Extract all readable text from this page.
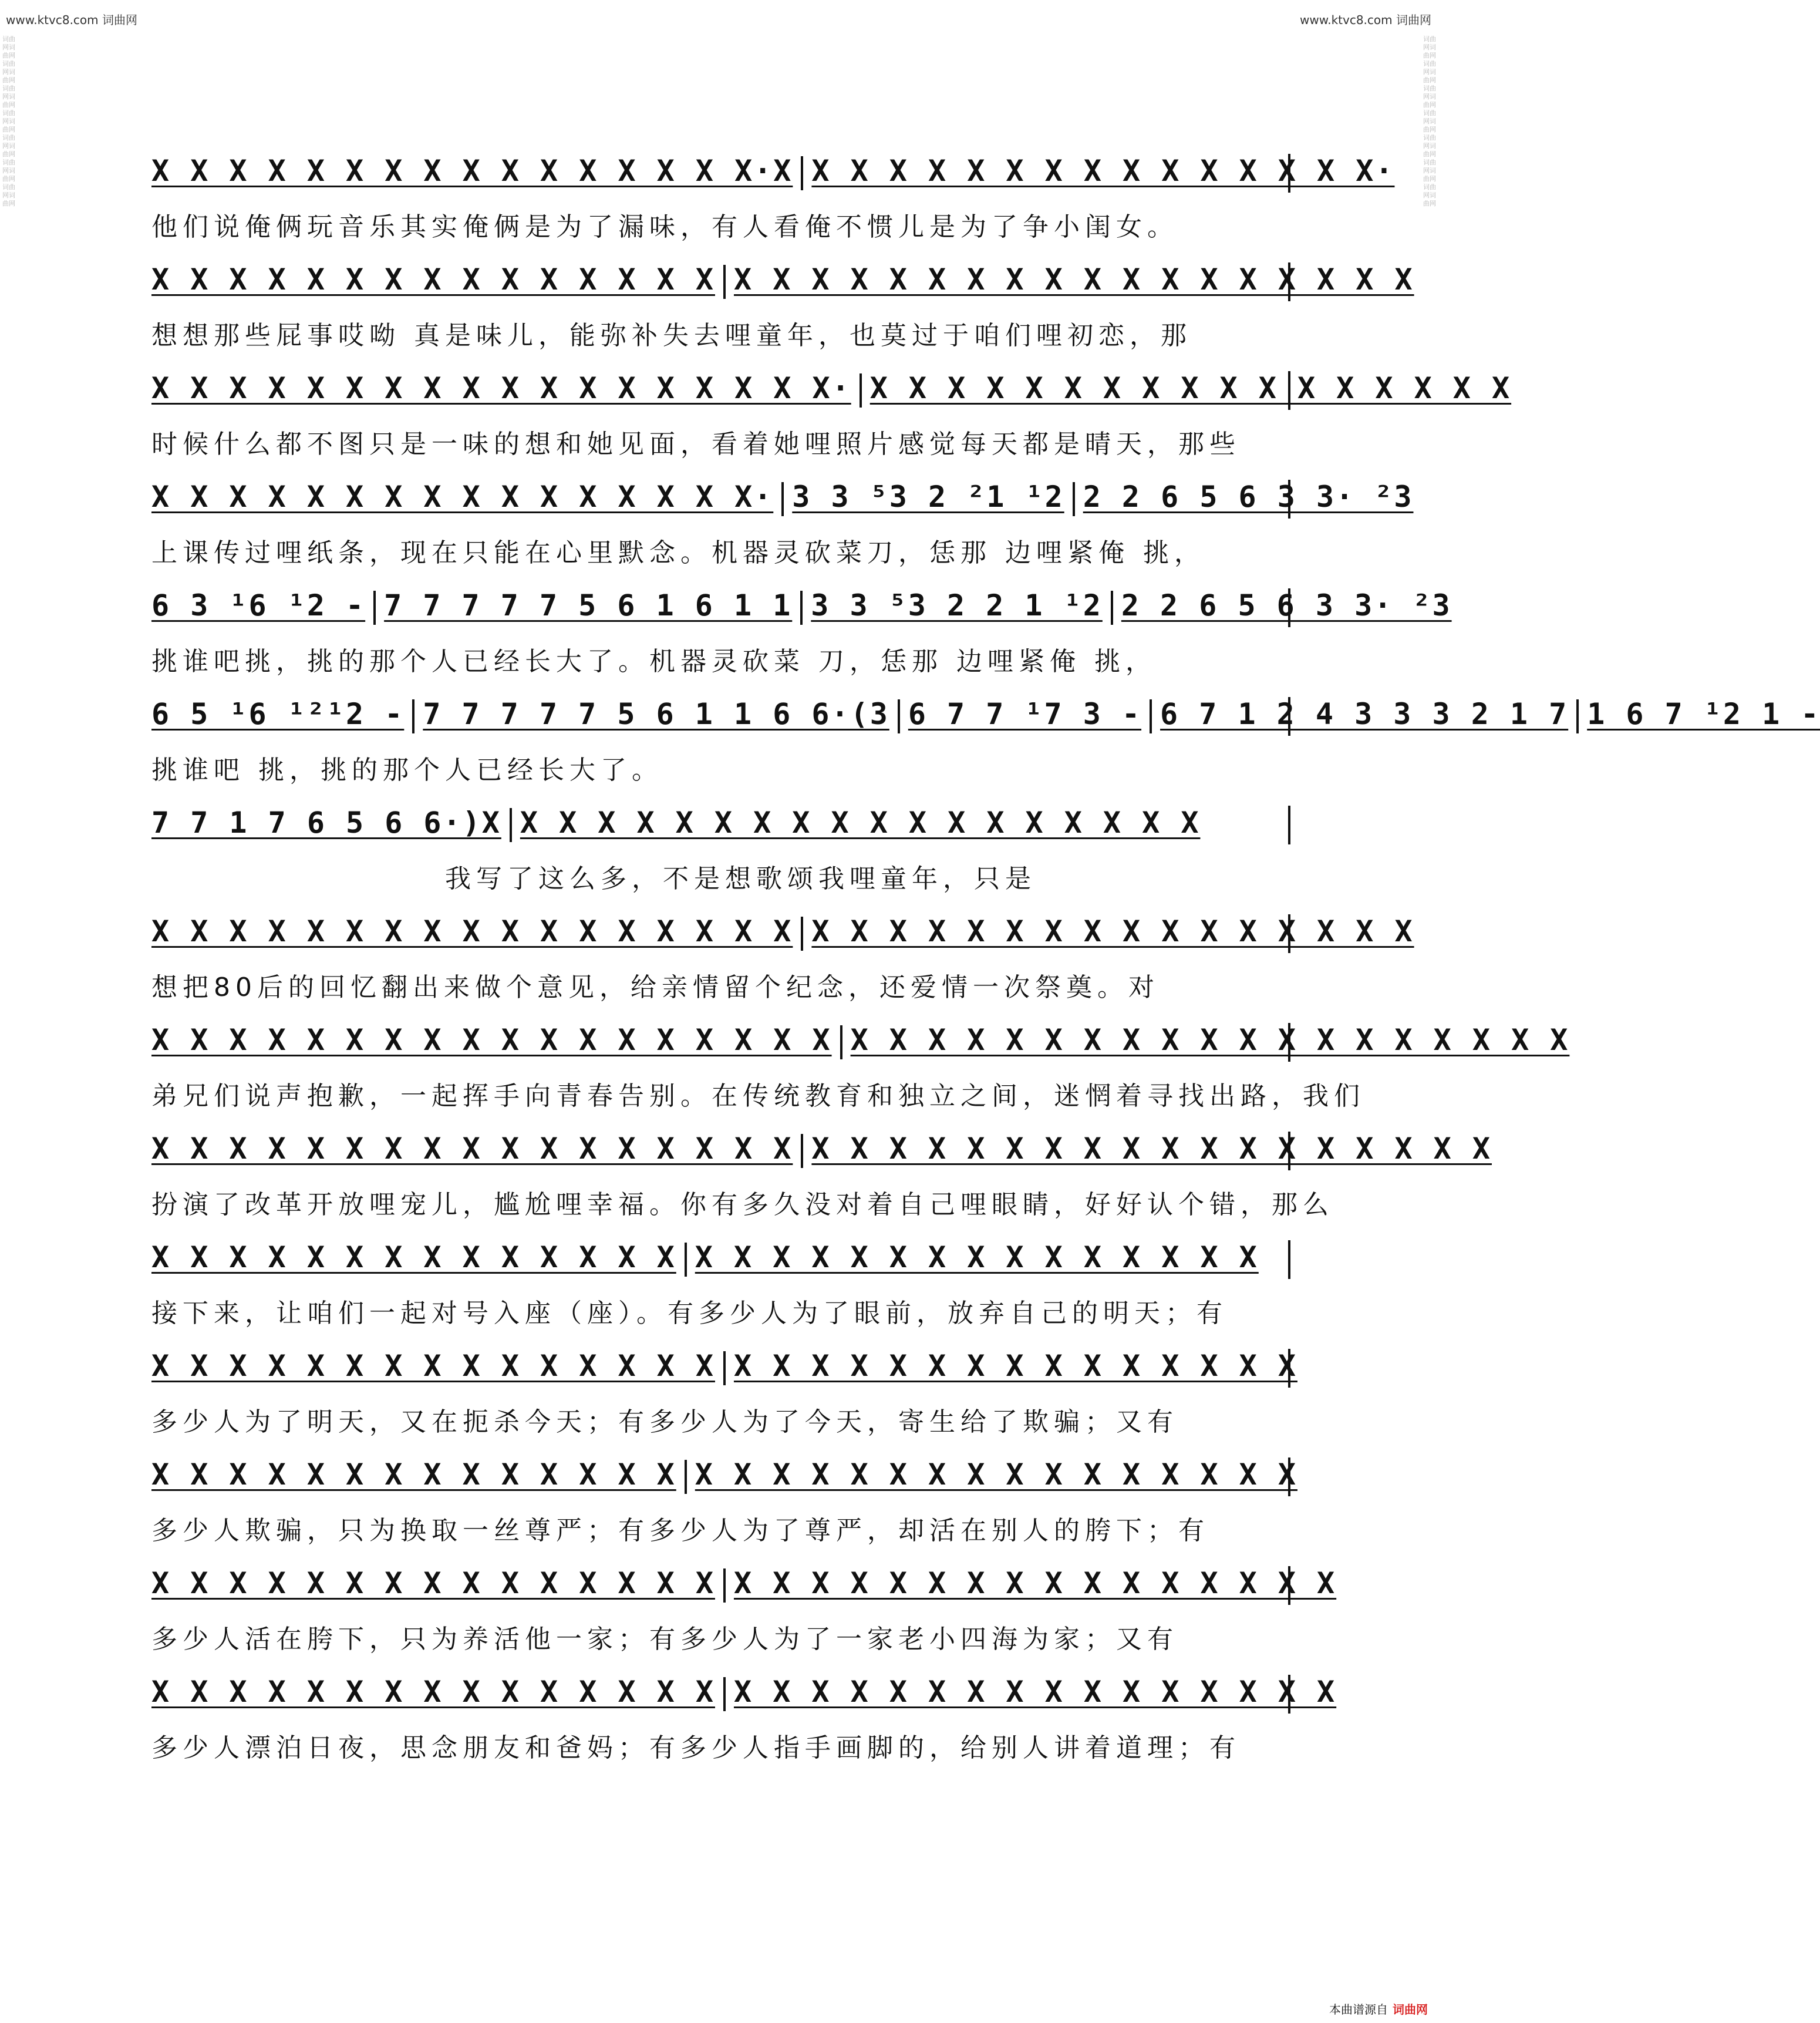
www.ktvc8.com 词曲网	www.ktvc8.com 词曲网
词曲网词曲网词曲网词曲网词曲网词曲网词曲网词曲网词曲网词曲网词曲网词曲网词曲网词曲网
词曲网词曲网词曲网词曲网词曲网词曲网词曲网词曲网词曲网词曲网词曲网词曲网词曲网词曲网
X X X X X X X X X X X X X X X X·X X X X X X X X X X X X X X X X·
他们说俺俩玩音乐其实俺俩是为了漏味，有人看俺不惯儿是为了争小闺女。
X X X X X X X X X X X X X X X X X X X X X X X X X X X X X X X X X
想想那些屁事哎呦 真是味儿，能弥补失去哩童年，也莫过于咱们哩初恋，那
X X X X X X X X X X X X X X X X X X· X X X X X X X X X X X X X X X X X
时候什么都不图只是一味的想和她见面，看着她哩照片感觉每天都是晴天，那些
X X X X X X X X X X X X X X X X· 3 3 ⁵3 2 ²1 ¹2 2 2 6 5 6 3 3· ²3
上课传过哩纸条，现在只能在心里默念。机器灵砍菜刀，恁那 边哩紧俺 挑，
6 3 ¹6 ¹2 - 7 7 7 7 7 5 6 1 6 1 1 3 3 ⁵3 2 2 1 ¹2 2 2 6 5 6 3 3· ²3
挑谁吧挑，挑的那个人已经长大了。机器灵砍菜 刀，恁那 边哩紧俺 挑，
6 5 ¹6 ¹²¹2 - 7 7 7 7 7 5 6 1 1 6 6·(3 6 7 7 ¹7 3 - 6 7 1 2 4 3 3 3 2 1 7 1 6 7 ¹2 1 -
挑谁吧 挑，挑的那个人已经长大了。
7 7 1 7 6 5 6 6·)X X X X X X X X X X X X X X X X X X X
我写了这么多，不是想歌颂我哩童年，只是
X X X X X X X X X X X X X X X X X X X X X X X X X X X X X X X X X
想把80后的回忆翻出来做个意见，给亲情留个纪念，还爱情一次祭奠。对
X X X X X X X X X X X X X X X X X X X X X X X X X X X X X X X X X X X X X
弟兄们说声抱歉，一起挥手向青春告别。在传统教育和独立之间，迷惘着寻找出路，我们
X X X X X X X X X X X X X X X X X X X X X X X X X X X X X X X X X X X
扮演了改革开放哩宠儿，尴尬哩幸福。你有多久没对着自己哩眼睛，好好认个错，那么
X X X X X X X X X X X X X X X X X X X X X X X X X X X X X
接下来，让咱们一起对号入座（座）。有多少人为了眼前，放弃自己的明天；有
X X X X X X X X X X X X X X X X X X X X X X X X X X X X X X
多少人为了明天，又在扼杀今天；有多少人为了今天，寄生给了欺骗；又有
X X X X X X X X X X X X X X X X X X X X X X X X X X X X X X
多少人欺骗，只为换取一丝尊严；有多少人为了尊严，却活在别人的胯下；有
X X X X X X X X X X X X X X X X X X X X X X X X X X X X X X X
多少人活在胯下，只为养活他一家；有多少人为了一家老小四海为家；又有
X X X X X X X X X X X X X X X X X X X X X X X X X X X X X X X
多少人漂泊日夜，思念朋友和爸妈；有多少人指手画脚的，给别人讲着道理；有
本曲谱源自 词曲网
